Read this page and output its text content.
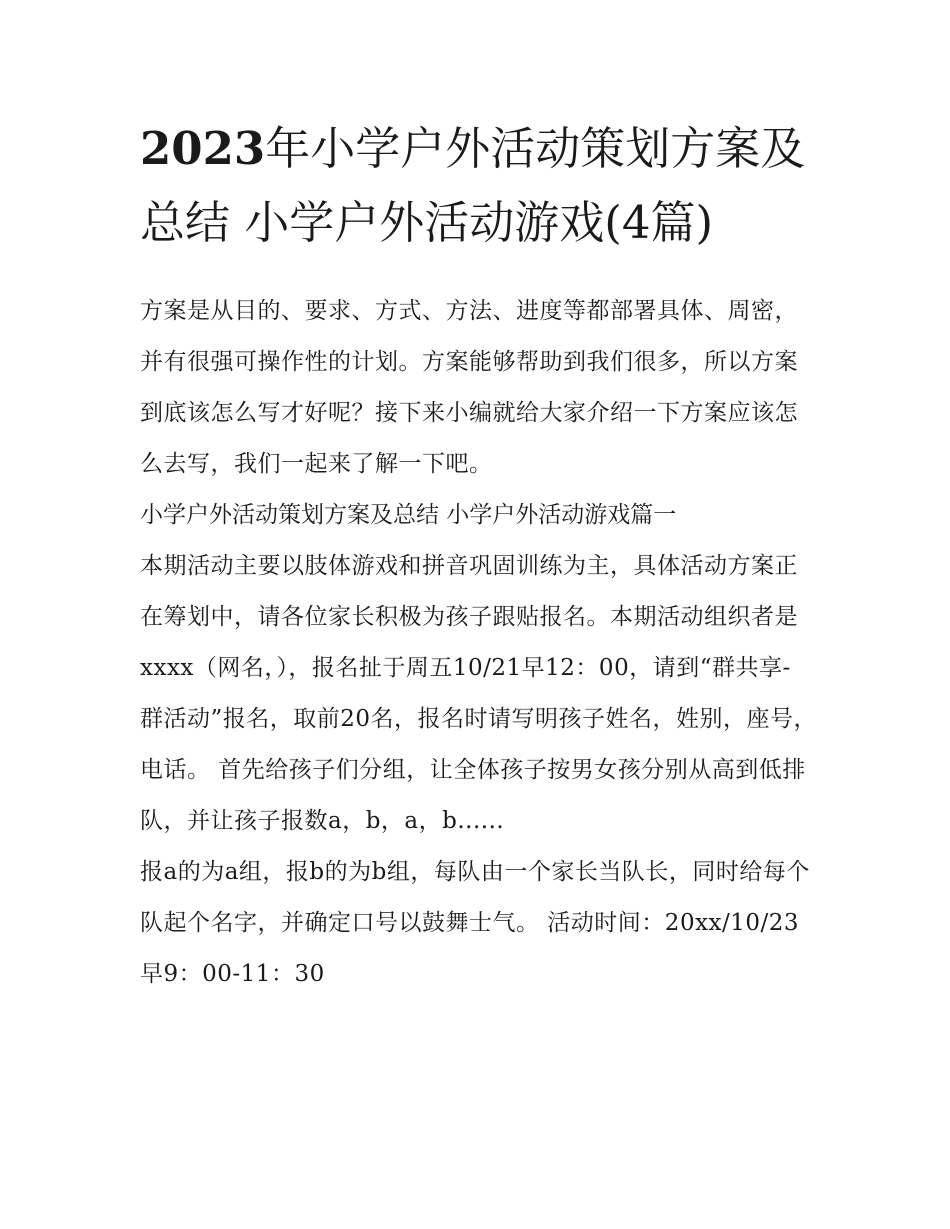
2023年小学户外活动策划方案及总结 小学户外活动游戏(4篇)

方案是从目的、要求、方式、方法、进度等都部署具体、周密，并有很强可操作性的计划。方案能够帮助到我们很多，所以方案到底该怎么写才好呢？接下来小编就给大家介绍一下方案应该怎么去写，我们一起来了解一下吧。

小学户外活动策划方案及总结 小学户外活动游戏篇一

本期活动主要以肢体游戏和拼音巩固训练为主，具体活动方案正在筹划中，请各位家长积极为孩子跟贴报名。本期活动组织者是xxxx（网名，），报名扯于周五10/21早12：00，请到“群共享-

群活动”报名，取前20名，报名时请写明孩子姓名，姓别，座号，电话。 首先给孩子们分组，让全体孩子按男女孩分别从高到低排队，并让孩子报数a，b，a，b......

报a的为a组，报b的为b组，每队由一个家长当队长，同时给每个队起个名字，并确定口号以鼓舞士气。 活动时间：20xx/10/23早9：00-11：30
